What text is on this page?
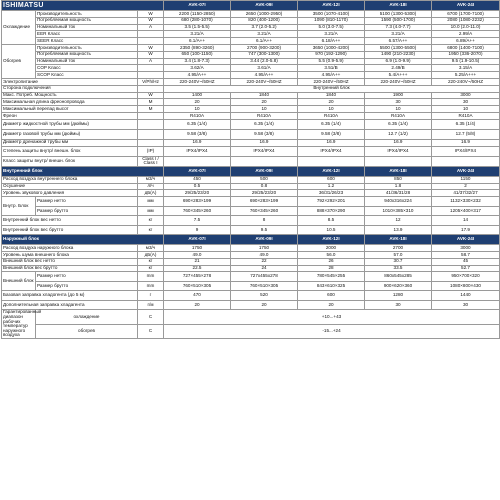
ISHIMATSU			AVK-07I	AVK-09I	AVK-12I	AVK-18I	AVK-24I
Охлаждение	Производительность	W	2200 (1150-2850)	2650 (1000-2950)	3500 (1070-4100)	5100 (1300-5300)	6700 (1700-7100)
	Потребляемая мощность	W	680 (280-1070)	820 (400-1200)	1090 (810-1170)	1590 (500-1700)	2080 (1080-2232)
	Номинальный ток	A	3.5 (1.5-5.5)	3.7 (2.0-5.2)	5.0 (3.0-7.5)	7.3 (4.0-7.7)	10.0 (2.0-11.0)
	EER Класс		3.21/A	3.21/A	3.21/A	3.21/A	2.99/A
	SEER Класс		6.1/A++	6.1/A++	6.18/A++	6.57/A++	6.89/A++
Обогрев	Производительность	W	2350 (890-3260)	2700 (900-3200)	3650 (1000-4200)	5500 (1300-5500)	6800 (1400-7100)
	Потребляемая мощность	W	650 (100-1150)	747 (300-1300)	970 (192-1290)	1490 (210-2230)	1950 (336-2070)
	Номинальный ток	A	3.4 (1.8-7.3)	3.44 (2.0-5.8)	5.5 (0.9-5.9)	6.9 (1.0-9.9)	9.5 (1.9-10.5)
	COP Класс		3.62/A	3.61/A	3.51/B	2.49/B	3.15/A
	SCOP Класс		4.95/A++	4.95/A++	4.95/A++	5.4/A+++	5.25/A+++
Электропитание		V/Ph/Hz	220-240V~/50HZ	220-240V~/50HZ	220-240V~/50HZ	220-240V~/50HZ	220-240V~/50HZ
Сторона подключения			Внутренний блок				
Макс. Потреб. Мощность		W	1400	1840	1840	1900	3000
Максимальная длина фреонопровода		M	20	20	20	30	30
Максимальный перепад высот		M	10	10	10	10	10
Фреон			R410A	R410A	R410A	R410A	R410A
Диаметр жидкостной трубы мм (дюймы)			6.35 (1/4)	6.35 (1/4)	6.35 (1/4)	6.35 (1/4)	6.35 (1/4)
Диаметр газовой трубы мм (дюймы)			9.58 (3/8)	9.58 (3/8)	9.58 (3/8)	12.7 (1/2)	12.7 (5/8)
Диаметр дренажной трубы мм			16.9	16.9	16.9	16.9	16.9
Степень защиты внутр/ внешн. блок		(IP)	IPX4/IPX4	IPX4/IPX4	IPX4/IPX4	IPX4/IPX4	IPX4/IPX4
Класс защиты внутр/ внешн. блок		Class I / Class I					
Внутренний блок			AVK-07I	AVK-09I	AVK-12I	AVK-18I	AVK-24I
Расход воздуха внутреннего блока		м3/ч	450	500	600	850	1150
Осушение		л/ч	0.5	0.8	1.2	1.8	2
Уровень звукового давления		дБ(А)	29/25/23/20	29/25/23/20	36/31/26/23	41/36/31/28	41/37/32/27
Внутр. Блок	Размер нетто	мм	690×283×199	690×283×199	792×292×201	940x316x224	1132×330×232
	Размер брутто	мм	760×345×260	760×345×260	888×370×290	1010×385×310	1205×400×317
Внутренний блок вес нетто		кг	7.5	8	8.5	12	14
Внутренний блок вес брутто		кг	9	9.5	10.5	13.9	17.9
Наружный блок			AVK-07I	AVK-09I	AVK-12I	AVK-18I	AVK-24I
Расход воздуха наружного блока		м3/ч	1750	1750	2000	2700	3000
Уровень шума внешнего блока		дБ(А)	49.0	49.0	56.0	57.0	58.7
Внешний блок вес нетто		кг	21	22	26	30.7	45
Внешний блок вес брутто		кг	22.5	24	28	33.5	52.7
Внешний блок	Размер нетто	mm	727×455×278	727x455x278	780×545×255	860x545x285	950×700×320
	Размер брутто	mm	760×510×305	760×510×305	843×610×325	900×620×360	1080×800×430
Базовая заправка хладогента (до 5 м)		г	470	520	600	1280	1440
Дополнительная заправка хладагента		г/м	20	20	20	30	30
Гарантированный диапазон рабочих температур наружного воздуха	охлаждение	C	+10...+43				
	обогрев	C	-15...+24				
